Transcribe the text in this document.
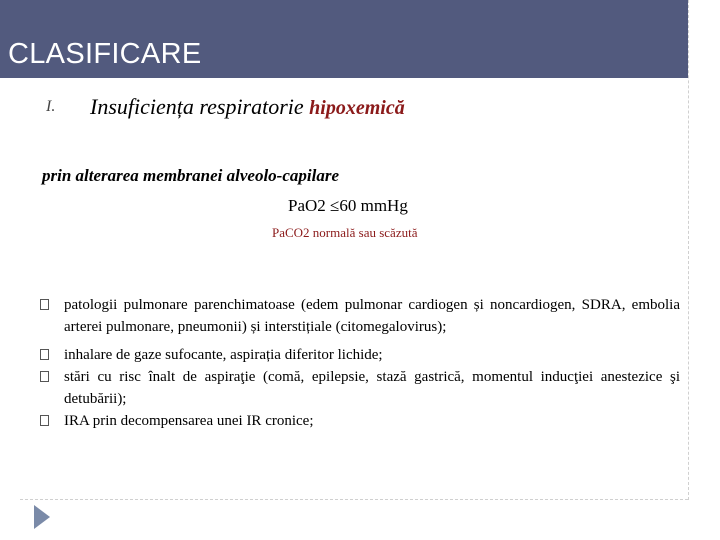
CLASIFICARE
I. Insuficiența respiratorie hipoxemică
prin alterarea membranei alveolo-capilare
PaO2 ≤60 mmHg
PaCO2 normală sau scăzută
patologii pulmonare parenchimatoase (edem pulmonar cardiogen și noncardiogen, SDRA, embolia arterei pulmonare, pneumonii) și interstițiale (citomegalovirus);
inhalare de gaze sufocante, aspirația diferitor lichide;
stări cu risc înalt de aspiraţie (comă, epilepsie, stază gastrică, momentul inducţiei anestezice şi detubării);
IRA prin decompensarea unei IR cronice;
